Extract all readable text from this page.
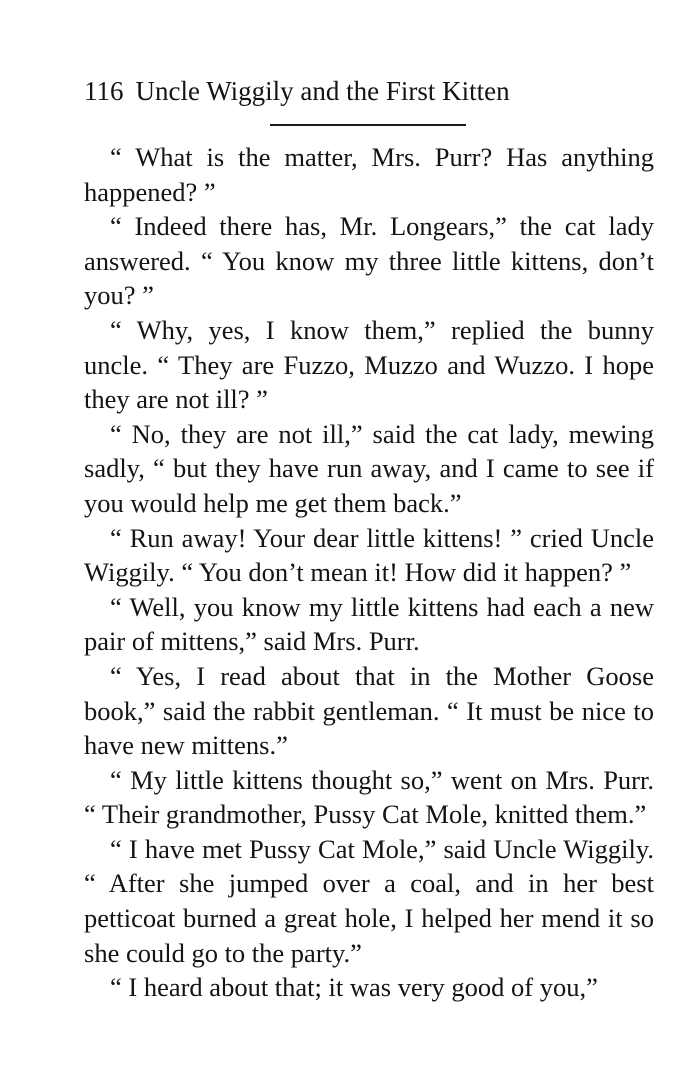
116 Uncle Wiggily and the First Kitten

“ What is the matter, Mrs. Purr? Has anything happened? ”

“ Indeed there has, Mr. Longears,” the cat lady answered. “ You know my three little kittens, don’t you? ”

“ Why, yes, I know them,” replied the bunny uncle. “ They are Fuzzo, Muzzo and Wuzzo. I hope they are not ill? ”

“ No, they are not ill,” said the cat lady, mewing sadly, “ but they have run away, and I came to see if you would help me get them back.”

“ Run away! Your dear little kittens! ” cried Uncle Wiggily. “ You don’t mean it! How did it happen? ”

“ Well, you know my little kittens had each a new pair of mittens,” said Mrs. Purr.

“ Yes, I read about that in the Mother Goose book,” said the rabbit gentleman. “ It must be nice to have new mittens.”

“ My little kittens thought so,” went on Mrs. Purr. “ Their grandmother, Pussy Cat Mole, knitted them.”

“ I have met Pussy Cat Mole,” said Uncle Wiggily. “ After she jumped over a coal, and in her best petticoat burned a great hole, I helped her mend it so she could go to the party.”

“ I heard about that; it was very good of you,”
